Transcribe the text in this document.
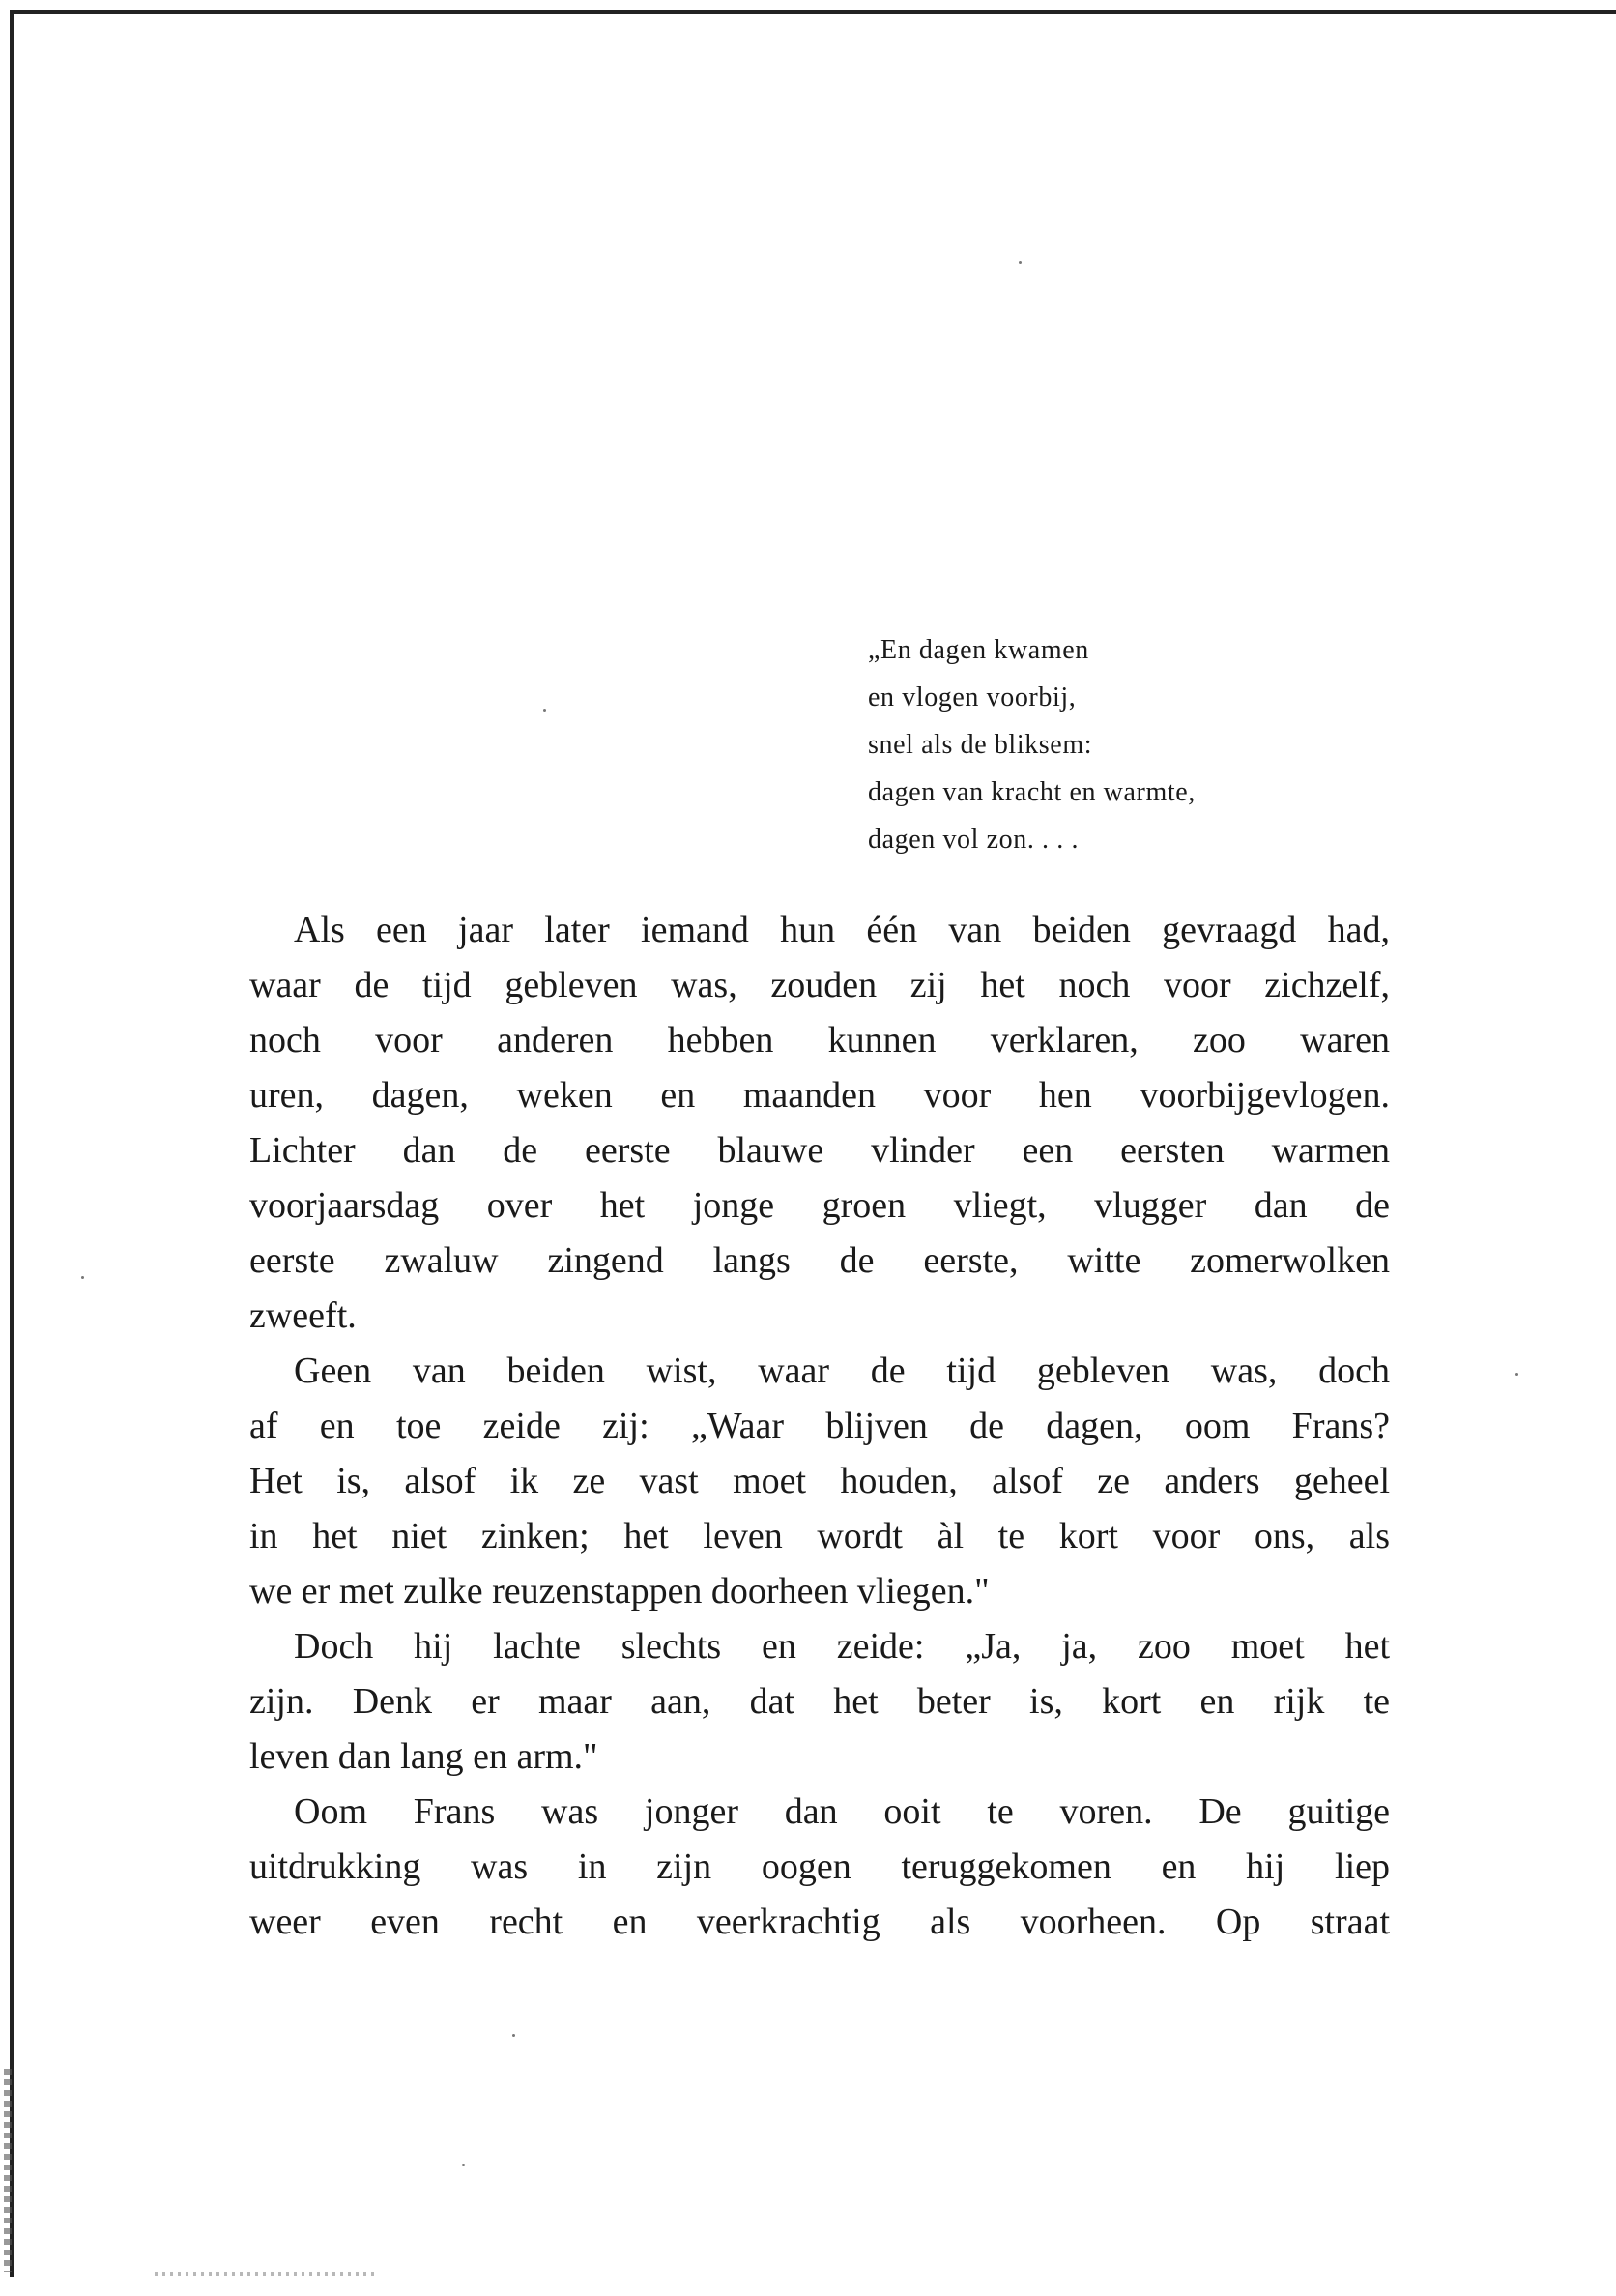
„En dagen kwamen
en vlogen voorbij,
snel als de bliksem:
dagen van kracht en warmte,
dagen vol zon. . . .
Als een jaar later iemand hun één van beiden gevraagd had,
waar de tijd gebleven was, zouden zij het noch voor zichzelf,
noch voor anderen hebben kunnen verklaren, zoo waren
uren, dagen, weken en maanden voor hen voorbijgevlogen.
Lichter dan de eerste blauwe vlinder een eersten warmen
voorjaarsdag over het jonge groen vliegt, vlugger dan de
eerste zwaluw zingend langs de eerste, witte zomerwolken
zweeft.
Geen van beiden wist, waar de tijd gebleven was, doch
af en toe zeide zij: „Waar blijven de dagen, oom Frans?
Het is, alsof ik ze vast moet houden, alsof ze anders geheel
in het niet zinken; het leven wordt àl te kort voor ons, als
we er met zulke reuzenstappen doorheen vliegen."
Doch hij lachte slechts en zeide: „Ja, ja, zoo moet het
zijn. Denk er maar aan, dat het beter is, kort en rijk te
leven dan lang en arm."
Oom Frans was jonger dan ooit te voren. De guitige
uitdrukking was in zijn oogen teruggekomen en hij liep
weer even recht en veerkrachtig als voorheen. Op straat
